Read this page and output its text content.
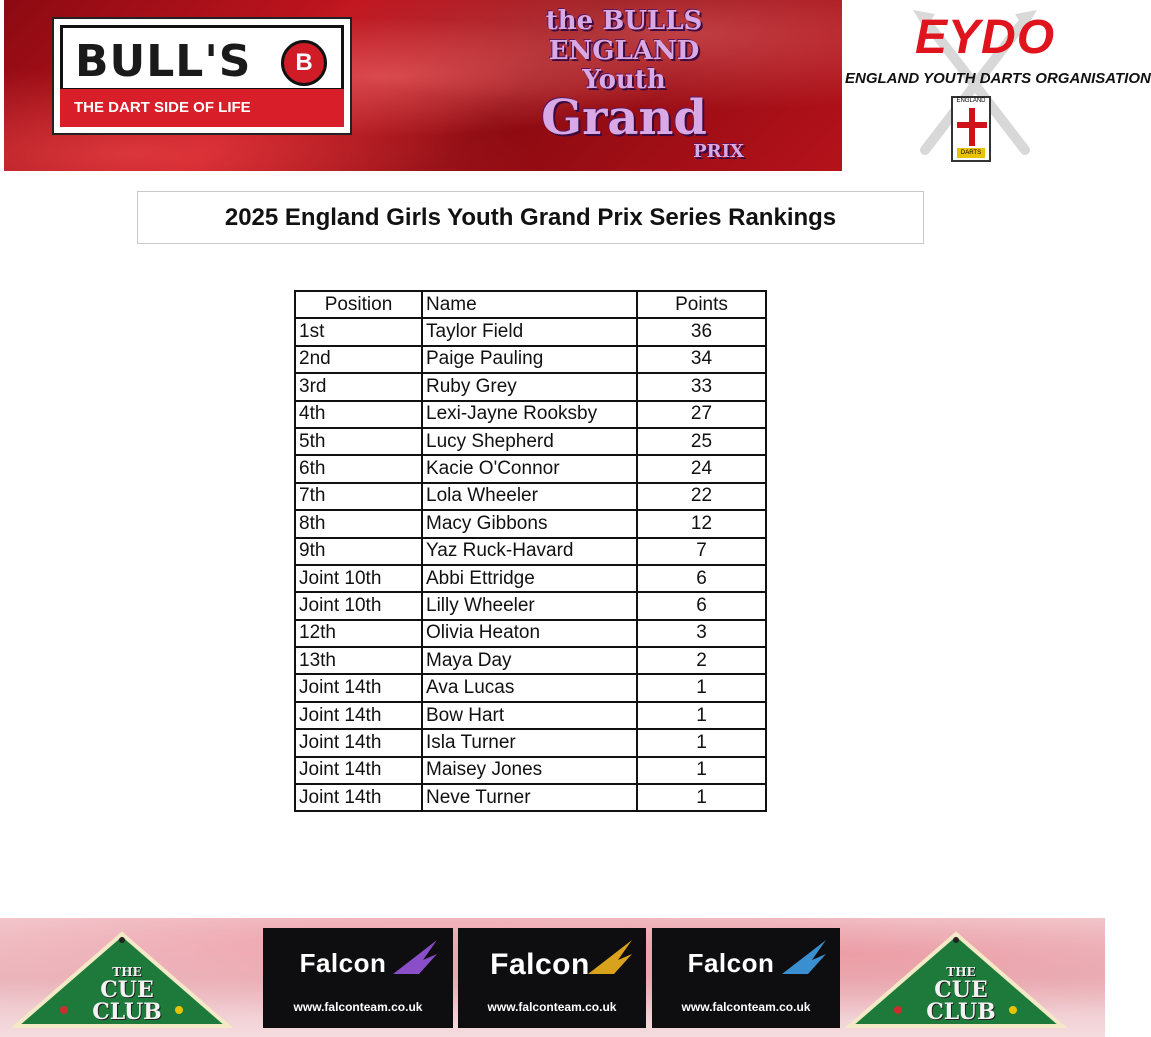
BULL'S	B
THE DART SIDE OF LIFE
the BULLS
ENGLAND
Youth
Grand
PRIX
EYDO
ENGLAND YOUTH DARTS ORGANISATION
ENGLAND
DARTS
2025 England Girls Youth Grand Prix Series Rankings
Position	Name	Points
1st	Taylor Field	36
2nd	Paige Pauling	34
3rd	Ruby Grey	33
4th	Lexi-Jayne Rooksby	27
5th	Lucy Shepherd	25
6th	Kacie O'Connor	24
7th	Lola Wheeler	22
8th	Macy Gibbons	12
9th	Yaz Ruck-Havard	7
Joint 10th	Abbi Ettridge	6
Joint 10th	Lilly Wheeler	6
12th	Olivia Heaton	3
13th	Maya Day	2
Joint 14th	Ava Lucas	1
Joint 14th	Bow Hart	1
Joint 14th	Isla Turner	1
Joint 14th	Maisey Jones	1
Joint 14th	Neve Turner	1
THE
CUE
CLUB
Falcon
www.falconteam.co.uk
Falcon
www.falconteam.co.uk
Falcon
www.falconteam.co.uk
THE
CUE
CLUB
